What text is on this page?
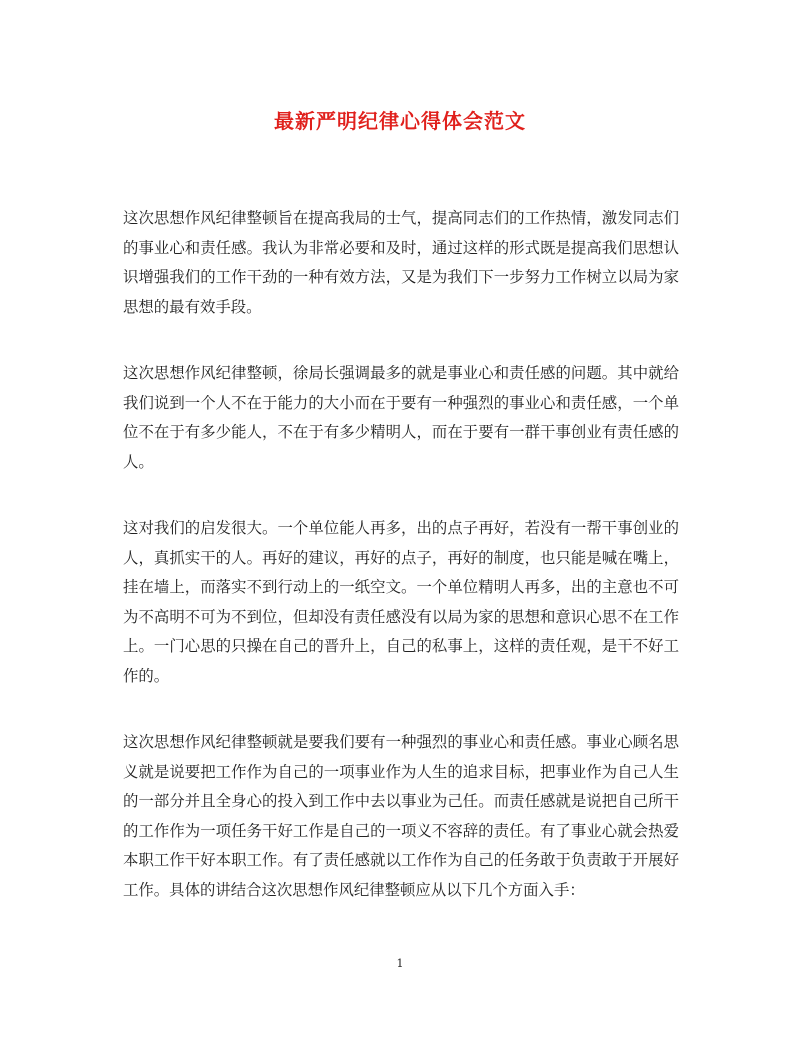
最新严明纪律心得体会范文

这次思想作风纪律整顿旨在提高我局的士气，提高同志们的工作热情，激发同志们的事业心和责任感。我认为非常必要和及时，通过这样的形式既是提高我们思想认识增强我们的工作干劲的一种有效方法，又是为我们下一步努力工作树立以局为家思想的最有效手段。

这次思想作风纪律整顿，徐局长强调最多的就是事业心和责任感的问题。其中就给我们说到一个人不在于能力的大小而在于要有一种强烈的事业心和责任感，一个单位不在于有多少能人，不在于有多少精明人，而在于要有一群干事创业有责任感的人。

这对我们的启发很大。一个单位能人再多，出的点子再好，若没有一帮干事创业的人，真抓实干的人。再好的建议，再好的点子，再好的制度，也只能是喊在嘴上，挂在墙上，而落实不到行动上的一纸空文。一个单位精明人再多，出的主意也不可为不高明不可为不到位，但却没有责任感没有以局为家的思想和意识心思不在工作上。一门心思的只操在自己的晋升上，自己的私事上，这样的责任观，是干不好工作的。

这次思想作风纪律整顿就是要我们要有一种强烈的事业心和责任感。事业心顾名思义就是说要把工作作为自己的一项事业作为人生的追求目标，把事业作为自己人生的一部分并且全身心的投入到工作中去以事业为己任。而责任感就是说把自己所干的工作作为一项任务干好工作是自己的一项义不容辞的责任。有了事业心就会热爱本职工作干好本职工作。有了责任感就以工作作为自己的任务敢于负责敢于开展好工作。具体的讲结合这次思想作风纪律整顿应从以下几个方面入手：

1
